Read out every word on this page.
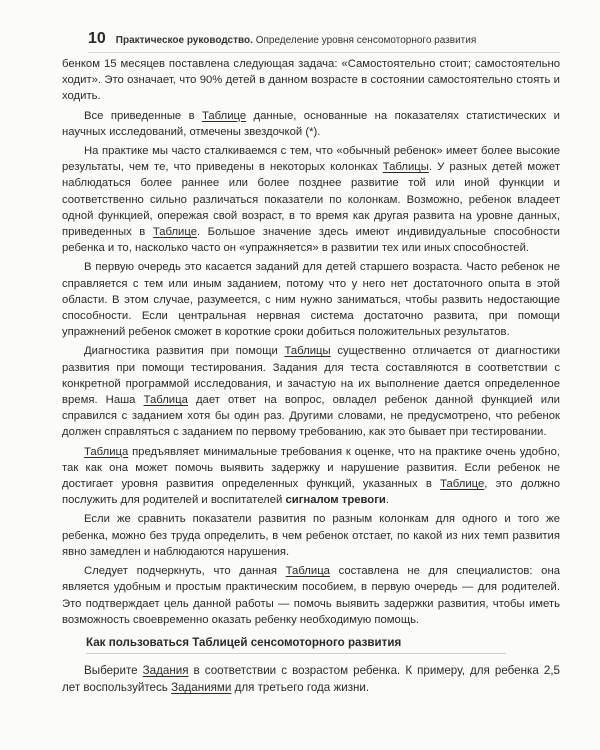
10 Практическое руководство. Определение уровня сенсомоторного развития

бенком 15 месяцев поставлена следующая задача: «Самостоятельно стоит; самостоятельно ходит». Это означает, что 90% детей в данном возрасте в состоянии самостоятельно стоять и ходить.

Все приведенные в Таблице данные, основанные на показателях статистических и научных исследований, отмечены звездочкой (*).

На практике мы часто сталкиваемся с тем, что «обычный ребенок» имеет более высокие результаты, чем те, что приведены в некоторых колонках Таблицы. У разных детей может наблюдаться более раннее или более позднее развитие той или иной функции и соответственно сильно различаться показатели по колонкам. Возможно, ребенок владеет одной функцией, опережая свой возраст, в то время как другая развита на уровне данных, приведенных в Таблице. Большое значение здесь имеют индивидуальные способности ребенка и то, насколько часто он «упражняется» в развитии тех или иных способностей.

В первую очередь это касается заданий для детей старшего возраста. Часто ребенок не справляется с тем или иным заданием, потому что у него нет достаточного опыта в этой области. В этом случае, разумеется, с ним нужно заниматься, чтобы развить недостающие способности. Если центральная нервная система достаточно развита, при помощи упражнений ребенок сможет в короткие сроки добиться положительных результатов.

Диагностика развития при помощи Таблицы существенно отличается от диагностики развития при помощи тестирования. Задания для теста составляются в соответствии с конкретной программой исследования, и зачастую на их выполнение дается определенное время. Наша Таблица дает ответ на вопрос, овладел ребенок данной функцией или справился с заданием хотя бы один раз. Другими словами, не предусмотрено, что ребенок должен справляться с заданием по первому требованию, как это бывает при тестировании.

Таблица предъявляет минимальные требования к оценке, что на практике очень удобно, так как она может помочь выявить задержку и нарушение развития. Если ребенок не достигает уровня развития определенных функций, указанных в Таблице, это должно послужить для родителей и воспитателей сигналом тревоги.

Если же сравнить показатели развития по разным колонкам для одного и того же ребенка, можно без труда определить, в чем ребенок отстает, по какой из них темп развития явно замедлен и наблюдаются нарушения.

Следует подчеркнуть, что данная Таблица составлена не для специалистов: она является удобным и простым практическим пособием, в первую очередь — для родителей. Это подтверждает цель данной работы — помочь выявить задержки развития, чтобы иметь возможность своевременно оказать ребенку необходимую помощь.

Как пользоваться Таблицей сенсомоторного развития

Выберите Задания в соответствии с возрастом ребенка. К примеру, для ребенка 2,5 лет воспользуйтесь Заданиями для третьего года жизни.
